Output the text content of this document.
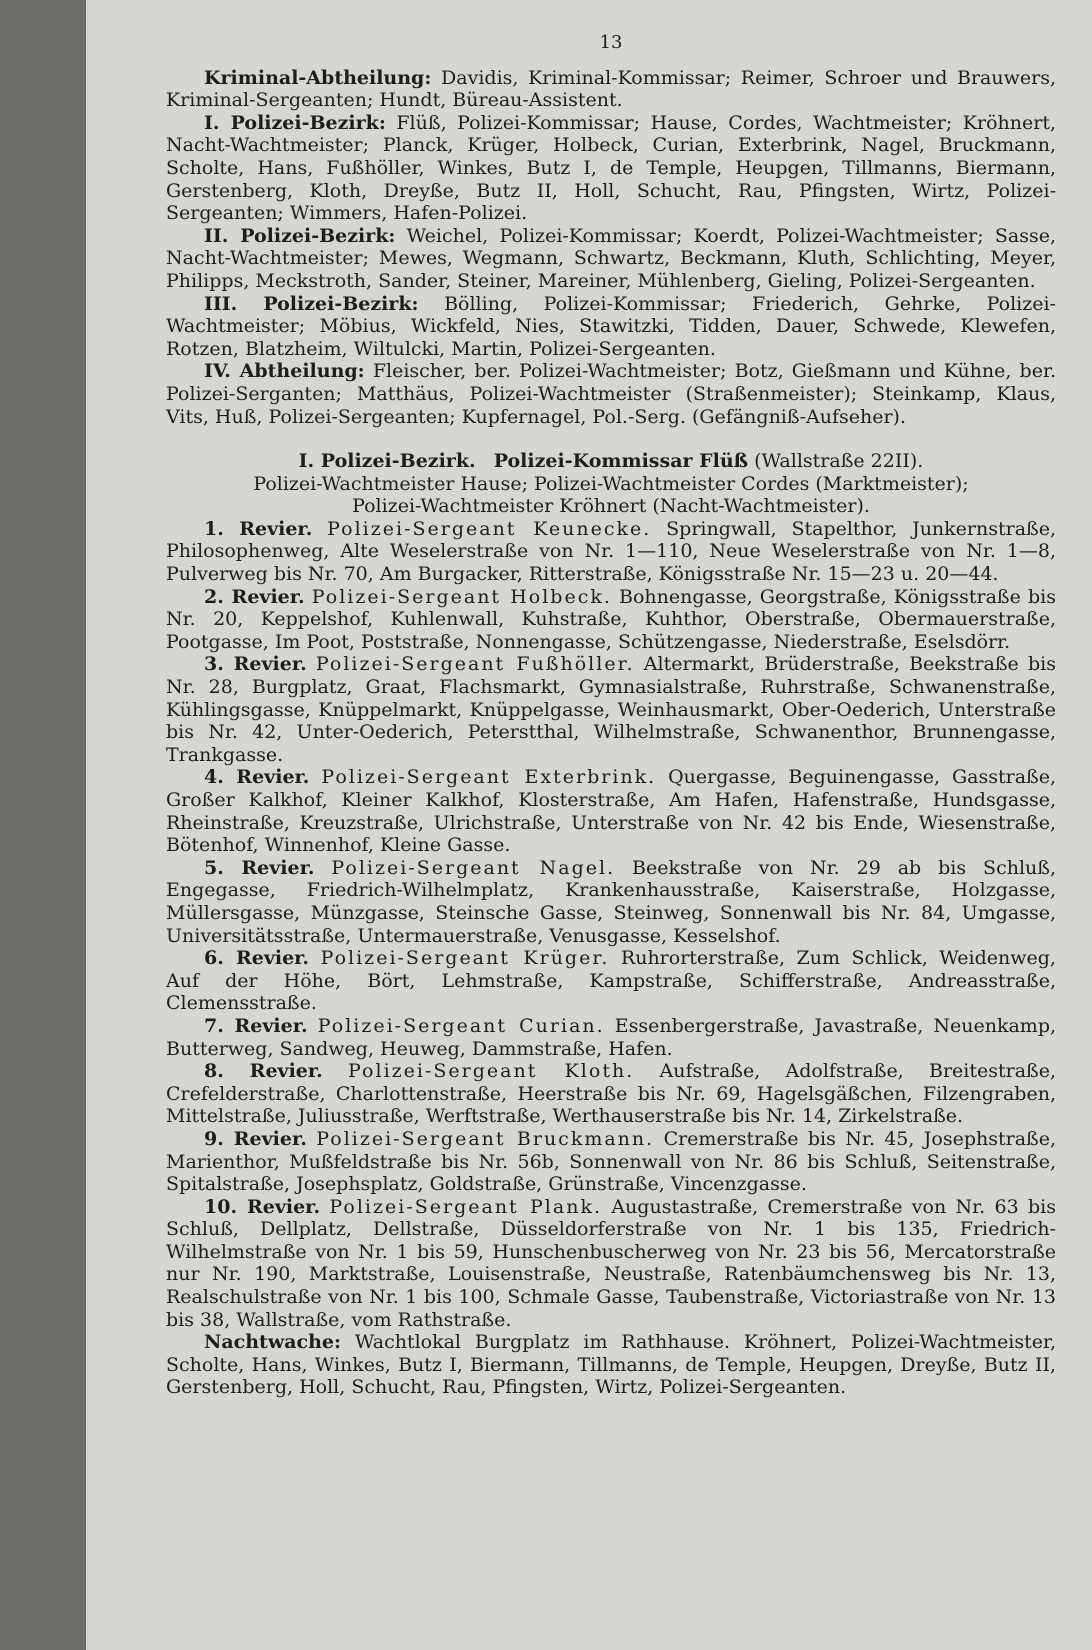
13

Kriminal-Abtheilung: Davidis, Kriminal-Kommissar; Reimer, Schroer und Brauwers, Kriminal-Sergeanten; Hundt, Büreau-Assistent.

I. Polizei-Bezirk: Flüß, Polizei-Kommissar; Hause, Cordes, Wachtmeister; Kröhnert, Nacht-Wachtmeister; Planck, Krüger, Holbeck, Curian, Exterbrink, Nagel, Bruckmann, Scholte, Hans, Fußhöller, Winkes, Butz I, de Temple, Heupgen, Tillmanns, Biermann, Gerstenberg, Kloth, Dreyße, Butz II, Holl, Schucht, Rau, Pfingsten, Wirtz, Polizei-Sergeanten; Wimmers, Hafen-Polizei.

II. Polizei-Bezirk: Weichel, Polizei-Kommissar; Koerdt, Polizei-Wachtmeister; Sasse, Nacht-Wachtmeister; Mewes, Wegmann, Schwartz, Beckmann, Kluth, Schlichting, Meyer, Philipps, Meckstroth, Sander, Steiner, Mareiner, Mühlenberg, Gieling, Polizei-Sergeanten.

III. Polizei-Bezirk: Bölling, Polizei-Kommissar; Friederich, Gehrke, Polizei-Wachtmeister; Möbius, Wickfeld, Nies, Stawitzki, Tidden, Dauer, Schwede, Klewefen, Rotzen, Blatzheim, Wiltulcki, Martin, Polizei-Sergeanten.

IV. Abtheilung: Fleischer, ber. Polizei-Wachtmeister; Botz, Gießmann und Kühne, ber. Polizei-Serganten; Matthäus, Polizei-Wachtmeister (Straßenmeister); Steinkamp, Klaus, Vits, Huß, Polizei-Sergeanten; Kupfernagel, Pol.-Serg. (Gefängniß-Aufseher).

I. Polizei-Bezirk. Polizei-Kommissar Flüß (Wallstraße 22II).

Polizei-Wachtmeister Hause; Polizei-Wachtmeister Cordes (Marktmeister);

Polizei-Wachtmeister Kröhnert (Nacht-Wachtmeister).

1. Revier. Polizei-Sergeant Keunecke. Springwall, Stapelthor, Junkernstraße, Philosophenweg, Alte Weselerstraße von Nr. 1—110, Neue Weselerstraße von Nr. 1—8, Pulverweg bis Nr. 70, Am Burgacker, Ritterstraße, Königsstraße Nr. 15—23 u. 20—44.

2. Revier. Polizei-Sergeant Holbeck. Bohnengasse, Georgstraße, Königsstraße bis Nr. 20, Keppelshof, Kuhlenwall, Kuhstraße, Kuhthor, Oberstraße, Obermauerstraße, Pootgasse, Im Poot, Poststraße, Nonnengasse, Schützengasse, Niederstraße, Eselsdörr.

3. Revier. Polizei-Sergeant Fußhöller. Altermarkt, Brüderstraße, Beekstraße bis Nr. 28, Burgplatz, Graat, Flachsmarkt, Gymnasialstraße, Ruhrstraße, Schwanenstraße, Kühlingsgasse, Knüppelmarkt, Knüppelgasse, Weinhausmarkt, Ober-Oederich, Unterstraße bis Nr. 42, Unter-Oederich, Peterstthal, Wilhelmstraße, Schwanenthor, Brunnengasse, Trankgasse.

4. Revier. Polizei-Sergeant Exterbrink. Quergasse, Beguinengasse, Gasstraße, Großer Kalkhof, Kleiner Kalkhof, Klosterstraße, Am Hafen, Hafenstraße, Hundsgasse, Rheinstraße, Kreuzstraße, Ulrichstraße, Unterstraße von Nr. 42 bis Ende, Wiesenstraße, Bötenhof, Winnenhof, Kleine Gasse.

5. Revier. Polizei-Sergeant Nagel. Beekstraße von Nr. 29 ab bis Schluß, Engegasse, Friedrich-Wilhelmplatz, Krankenhausstraße, Kaiserstraße, Holzgasse, Müllersgasse, Münzgasse, Steinsche Gasse, Steinweg, Sonnenwall bis Nr. 84, Umgasse, Universitätsstraße, Untermauerstraße, Venusgasse, Kesselshof.

6. Revier. Polizei-Sergeant Krüger. Ruhrorterstraße, Zum Schlick, Weidenweg, Auf der Höhe, Bört, Lehmstraße, Kampstraße, Schifferstraße, Andreasstraße, Clemensstraße.

7. Revier. Polizei-Sergeant Curian. Essenbergerstraße, Javastraße, Neuenkamp, Butterweg, Sandweg, Heuweg, Dammstraße, Hafen.

8. Revier. Polizei-Sergeant Kloth. Aufstraße, Adolfstraße, Breitestraße, Crefelderstraße, Charlottenstraße, Heerstraße bis Nr. 69, Hagelsgäßchen, Filzengraben, Mittelstraße, Juliusstraße, Werftstraße, Werthauserstraße bis Nr. 14, Zirkelstraße.

9. Revier. Polizei-Sergeant Bruckmann. Cremerstraße bis Nr. 45, Josephstraße, Marienthor, Mußfeldstraße bis Nr. 56b, Sonnenwall von Nr. 86 bis Schluß, Seitenstraße, Spitalstraße, Josephsplatz, Goldstraße, Grünstraße, Vincenzgasse.

10. Revier. Polizei-Sergeant Plank. Augustastraße, Cremerstraße von Nr. 63 bis Schluß, Dellplatz, Dellstraße, Düsseldorferstraße von Nr. 1 bis 135, Friedrich-Wilhelmstraße von Nr. 1 bis 59, Hunschenbuscherweg von Nr. 23 bis 56, Mercatorstraße nur Nr. 190, Marktstraße, Louisenstraße, Neustraße, Ratenbäumchensweg bis Nr. 13, Realschulstraße von Nr. 1 bis 100, Schmale Gasse, Taubenstraße, Victoriastraße von Nr. 13 bis 38, Wallstraße, vom Rathstraße.

Nachtwache: Wachtlokal Burgplatz im Rathhause. Kröhnert, Polizei-Wachtmeister, Scholte, Hans, Winkes, Butz I, Biermann, Tillmanns, de Temple, Heupgen, Dreyße, Butz II, Gerstenberg, Holl, Schucht, Rau, Pfingsten, Wirtz, Polizei-Sergeanten.
